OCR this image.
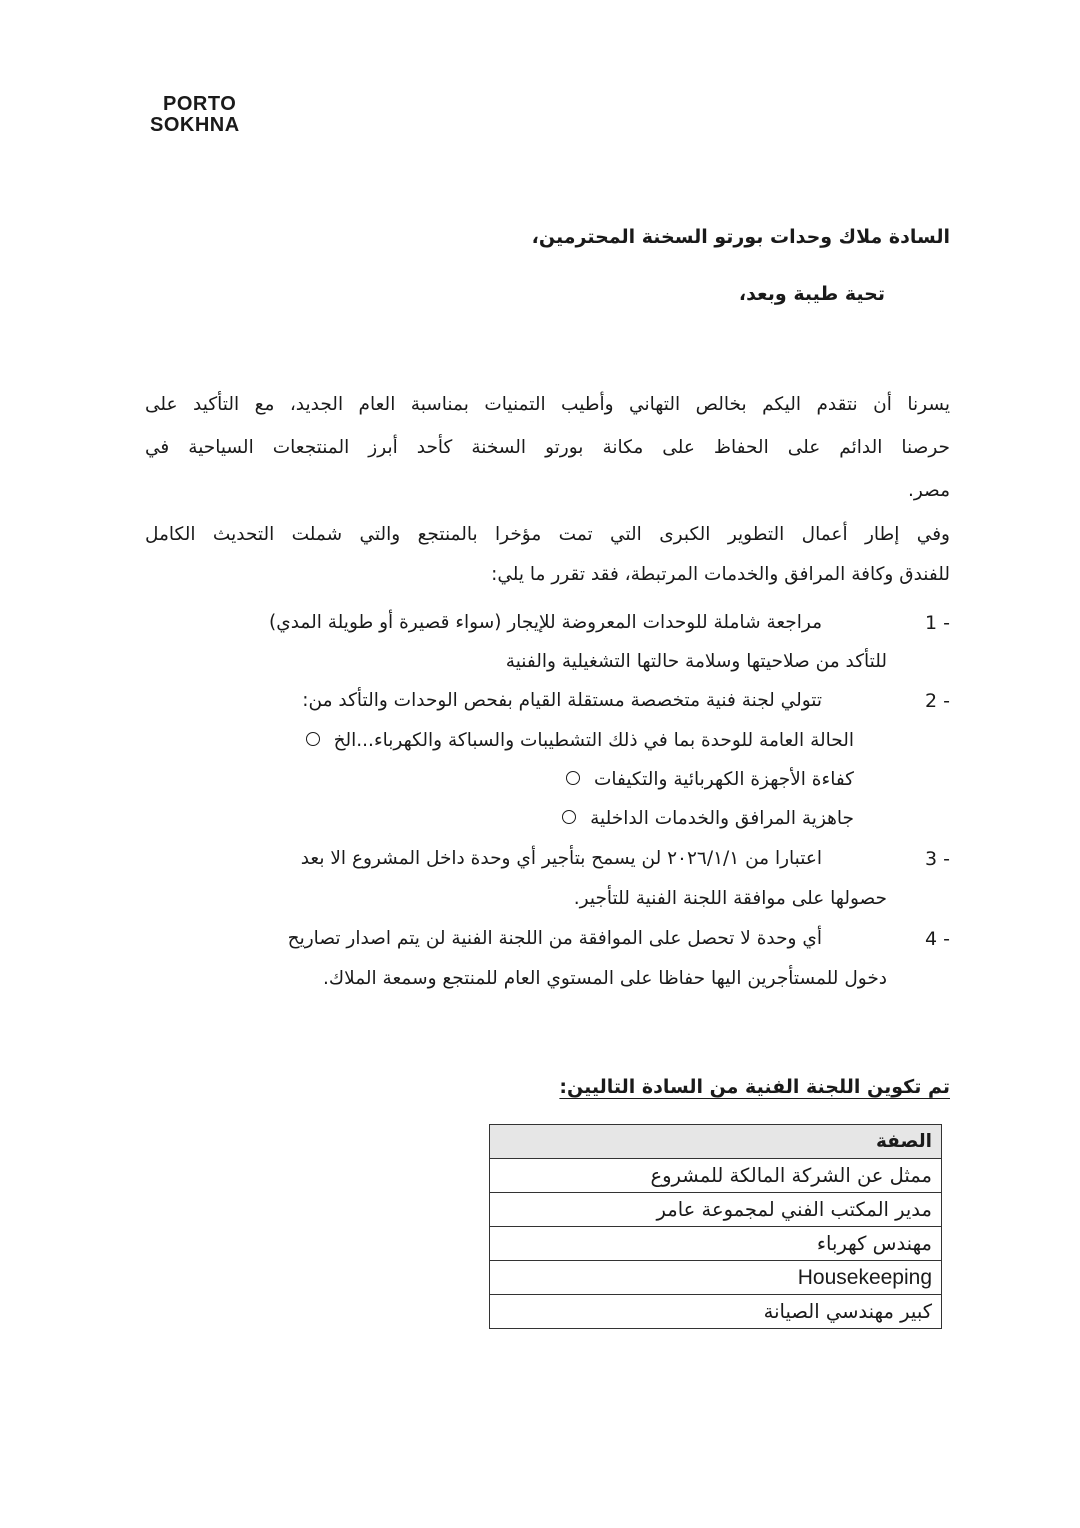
PORTO
SOKHNA
السادة ملاك وحدات بورتو السخنة المحترمين،
تحية طيبة وبعد،
يسرنا أن نتقدم اليكم بخالص التهاني وأطيب التمنيات بمناسبة العام الجديد، مع التأكيد على
حرصنا الدائم على الحفاظ على مكانة بورتو السخنة كأحد أبرز المنتجعات السياحية في
مصر.
وفي إطار أعمال التطوير الكبرى التي تمت مؤخرا بالمنتجع والتي شملت التحديث الكامل
للفندق وكافة المرافق والخدمات المرتبطة، فقد تقرر ما يلي:
1 -
مراجعة شاملة للوحدات المعروضة للإيجار (سواء قصيرة أو طويلة المدي)
للتأكد من صلاحيتها وسلامة حالتها التشغيلية والفنية
2 -
تتولي لجنة فنية متخصصة مستقلة القيام بفحص الوحدات والتأكد من:
الحالة العامة للوحدة بما في ذلك التشطيبات والسباكة والكهرباء...الخ
كفاءة الأجهزة الكهربائية والتكيفات
جاهزية المرافق والخدمات الداخلية
3 -
اعتبارا من ٢٠٢٦/١/١ لن يسمح بتأجير أي وحدة داخل المشروع الا بعد
حصولها على موافقة اللجنة الفنية للتأجير.
4 -
أي وحدة لا تحصل على الموافقة من اللجنة الفنية لن يتم اصدار تصاريح
دخول للمستأجرين اليها حفاظا على المستوي العام للمنتجع وسمعة الملاك.
تم تكوين اللجنة الفنية من السادة التاليين:
الصفة
ممثل عن الشركة المالكة للمشروع
مدير المكتب الفني لمجموعة عامر
مهندس كهرباء
Housekeeping
كبير مهندسي الصيانة
